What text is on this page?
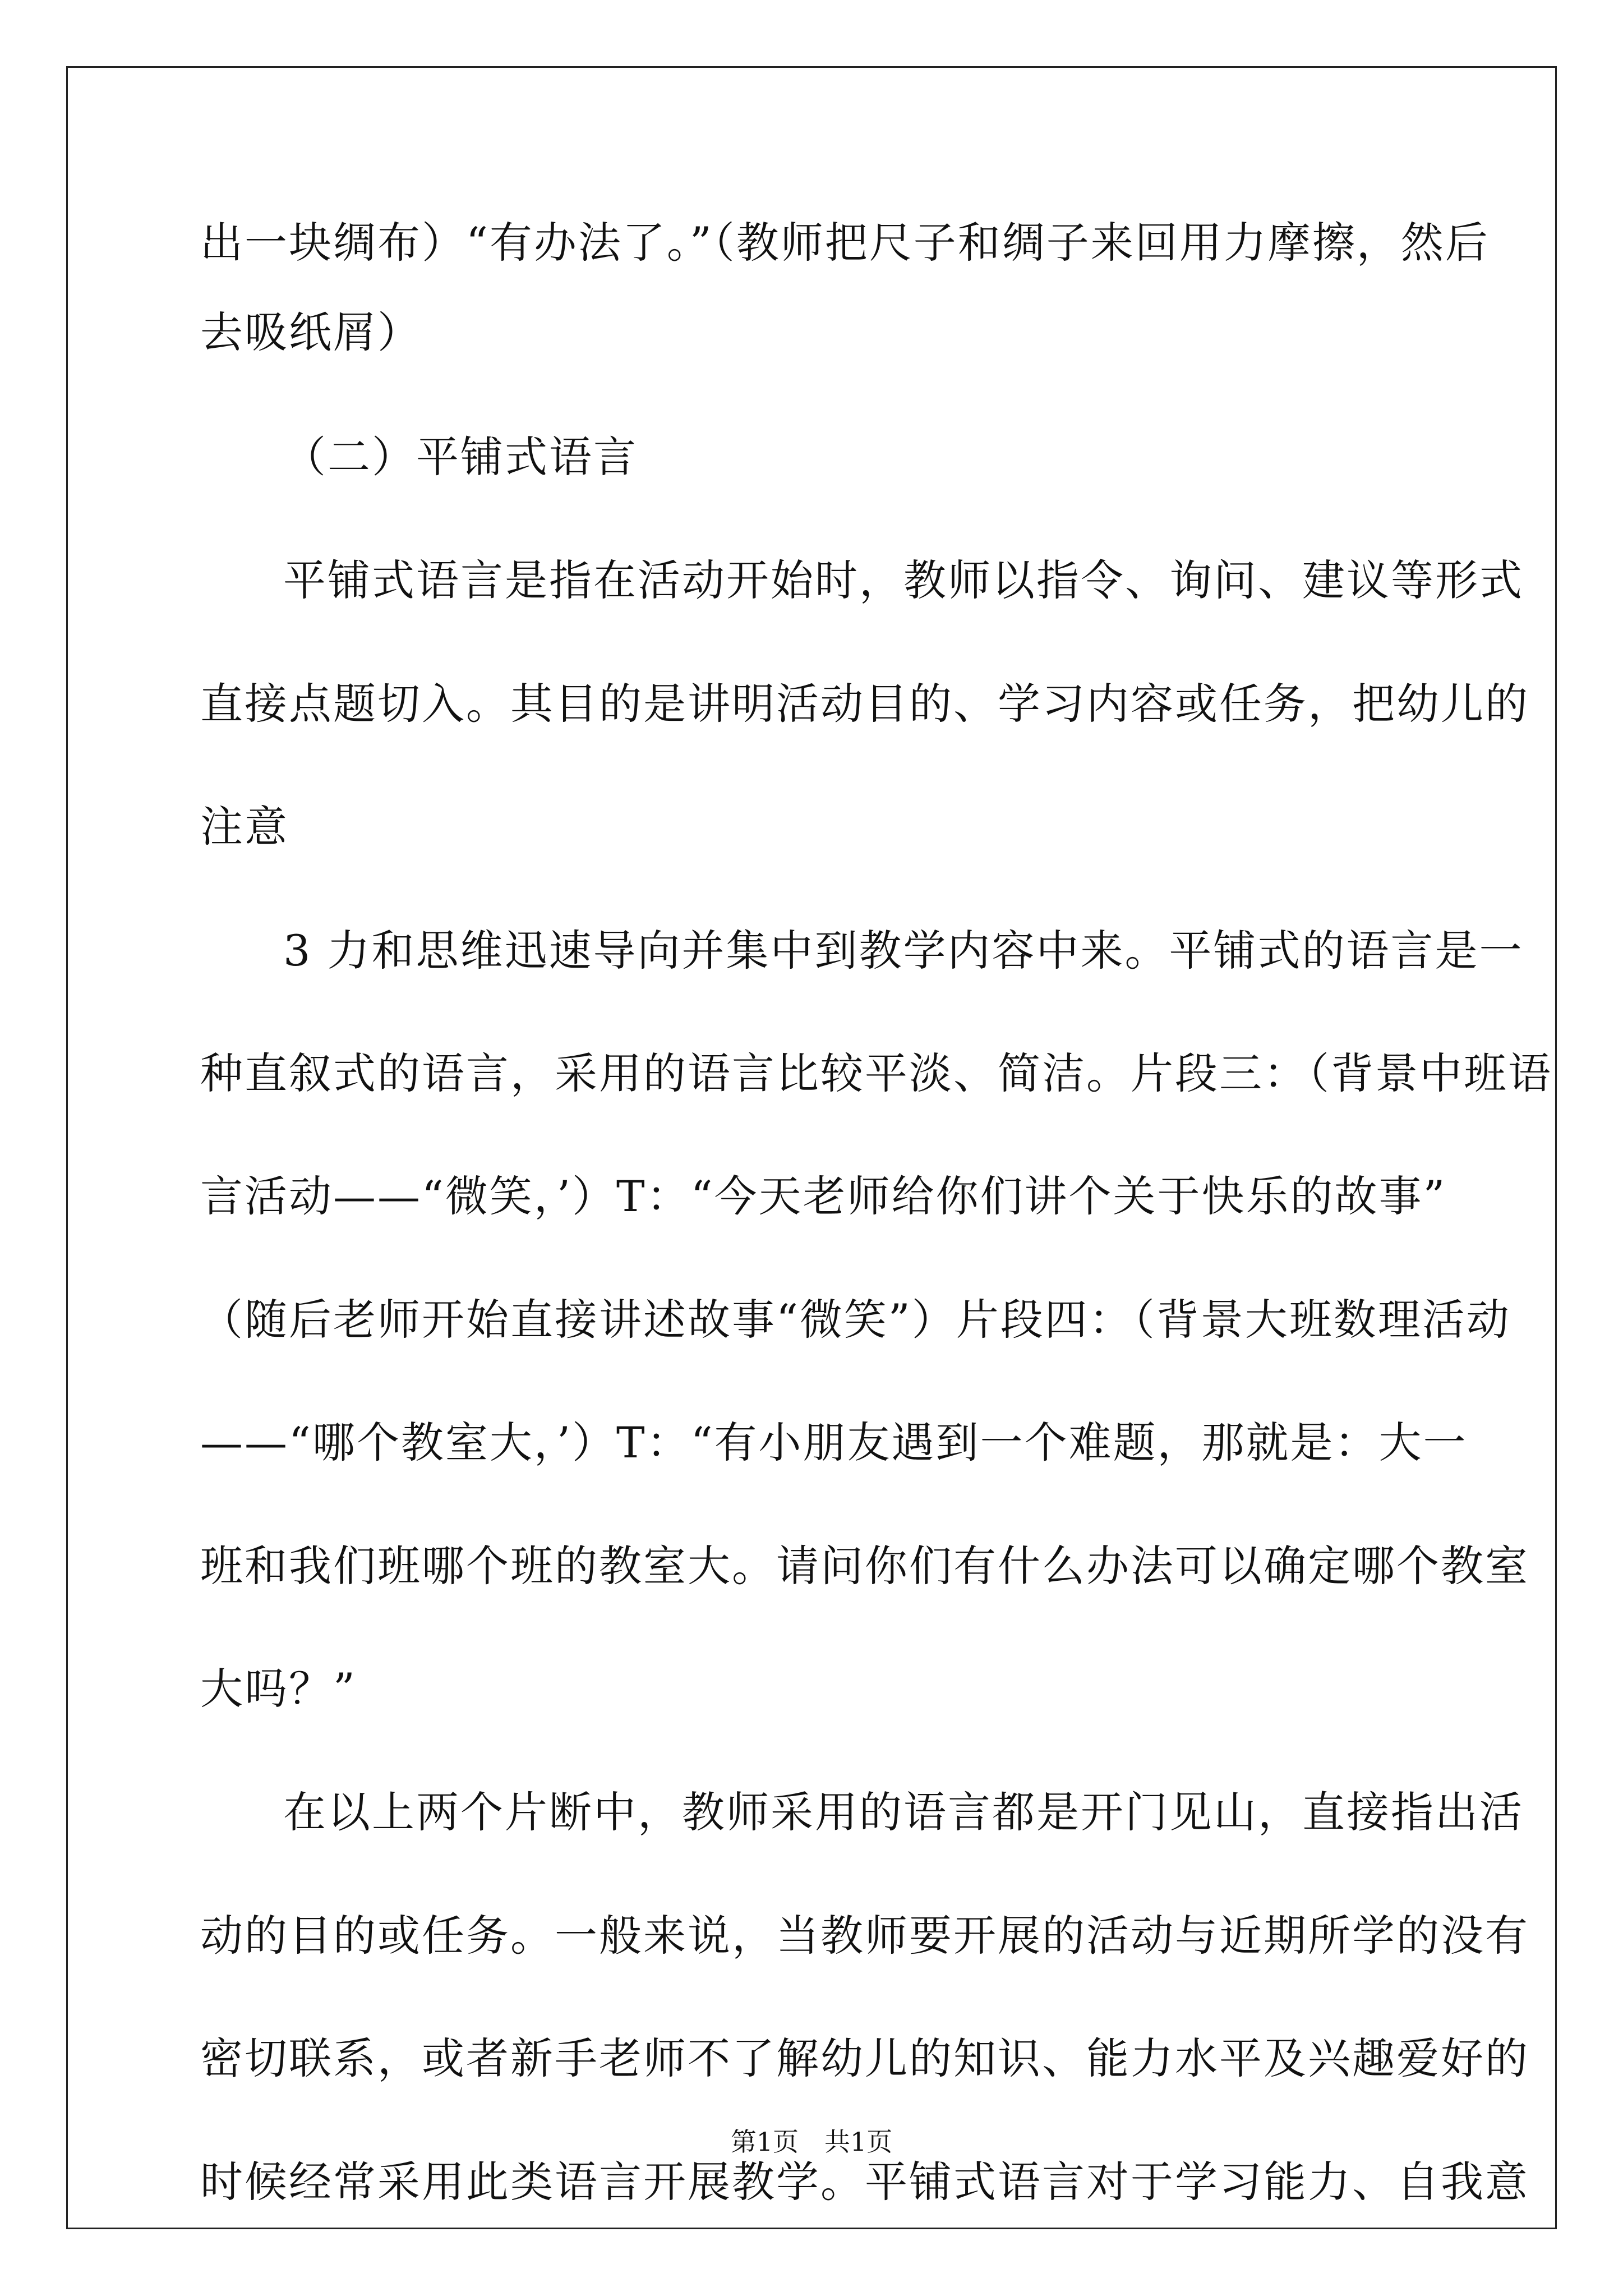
出一块绸布）“有办法了。”（教师把尺子和绸子来回用力摩擦，然后

去吸纸屑）

（二）平铺式语言

平铺式语言是指在活动开始时，教师以指令、询问、建议等形式

直接点题切入。其目的是讲明活动目的、学习内容或任务，把幼儿的

注意

3 力和思维迅速导向并集中到教学内容中来。平铺式的语言是一

种直叙式的语言，采用的语言比较平淡、简洁。片段三：（背景中班语

言活动——“微笑，’）T：“今天老师给你们讲个关于快乐的故事”

（随后老师开始直接讲述故事“微笑”）片段四：（背景大班数理活动

——“哪个教室大，’）T：“有小朋友遇到一个难题，那就是：大一

班和我们班哪个班的教室大。请问你们有什么办法可以确定哪个教室

大吗？”

在以上两个片断中，教师采用的语言都是开门见山，直接指出活

动的目的或任务。一般来说，当教师要开展的活动与近期所学的没有

密切联系，或者新手老师不了解幼儿的知识、能力水平及兴趣爱好的

时候经常采用此类语言开展教学。平铺式语言对于学习能力、自我意

第1页　共1页
